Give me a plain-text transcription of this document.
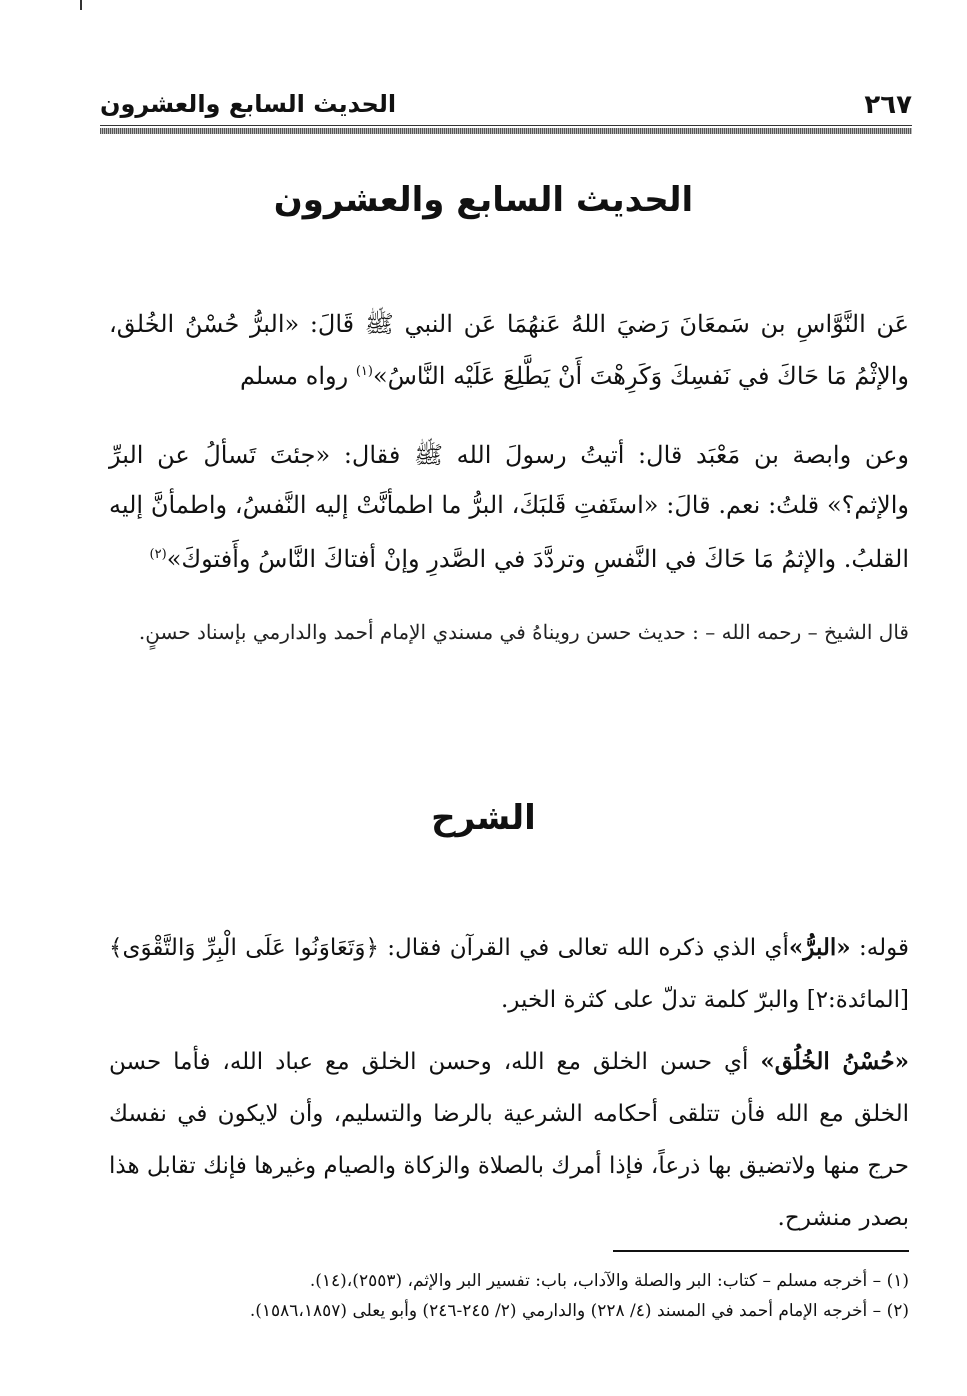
٢٦٧
الحديث السابع والعشرون
الحديث السابع والعشرون
عَن النَّوَّاسِ بن سَمعَانَ رَضيَ اللهُ عَنهُمَا عَن النبي ﷺ قَالَ: «البرُّ حُسْنُ الخُلق، والإثْمُ مَا حَاكَ في نَفسِكَ وَكَرِهْتَ أَنْ يَطَّلِعَ عَلَيْه النَّاسُ»$^{(١)}$ رواه مسلم
وعن وابصة بن مَعْبَد قال: أتيتُ رسولَ الله ﷺ فقال: «جئتَ تَسألُ عن البرِّ والإثم؟» قلتُ: نعم. قالَ: «استَفتِ قَلبَكَ، البرُّ ما اطمأنَّتْ إليه النَّفسُ، واطمأنَّ إليه القلبُ. والإثمُ مَا حَاكَ في النَّفسِ وتردَّدَ في الصَّدرِ وإنْ أفتاكَ النَّاسُ وأَفتوكَ»$^{(٢)}$
قال الشيخ – رحمه الله – : حديث حسن رويناهُ في مسندي الإمام أحمد والدارمي بإسناد حسنٍ.
الشرح
قوله: «البرُّ»أي الذي ذكره الله تعالى في القرآن فقال: ﴿وَتَعَاوَنُوا عَلَى الْبِرِّ وَالتَّقْوَى﴾ [المائدة:٢] والبرّ كلمة تدلّ على كثرة الخير.
«حُسْنُ الخُلُق» أي حسن الخلق مع الله، وحسن الخلق مع عباد الله، فأما حسن الخلق مع الله فأن تتلقى أحكامه الشرعية بالرضا والتسليم، وأن لايكون في نفسك حرج منها ولاتضيق بها ذرعاً، فإذا أمرك بالصلاة والزكاة والصيام وغيرها فإنك تقابل هذا بصدر منشرح.
(١) – أخرجه مسلم – كتاب: البر والصلة والآداب، باب: تفسير البر والإثم، (٢٥٥٣)،(١٤).
(٢) – أخرجه الإمام أحمد في المسند (٤/ ٢٢٨) والدارمي (٢/ ٢٤٥-٢٤٦) وأبو يعلى (١٥٨٦،١٨٥٧).
